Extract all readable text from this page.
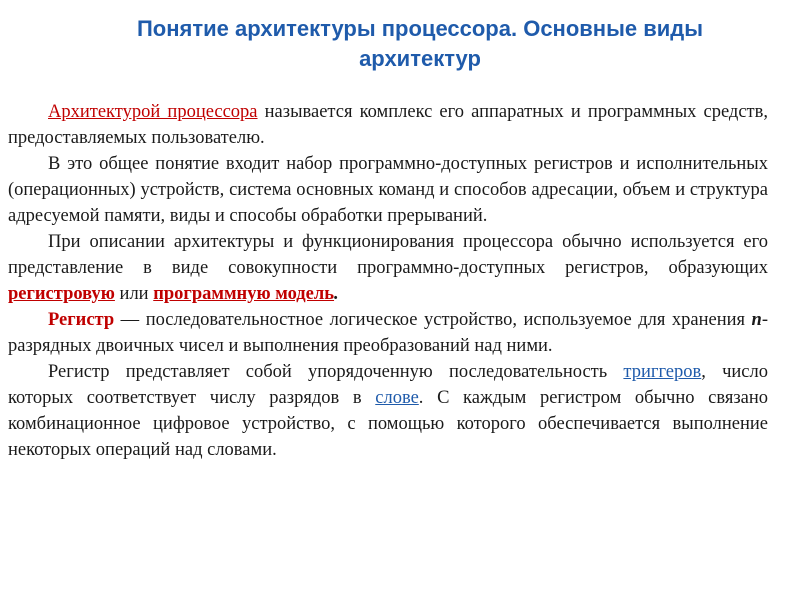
Понятие архитектуры процессора. Основные виды
архитектур

Архитектурой процессора называется комплекс его аппаратных и программных средств, предоставляемых пользователю.

В это общее понятие входит набор программно-доступных регистров и исполнительных (операционных) устройств, система основных команд и способов адресации, объем и структура адресуемой памяти, виды и способы обработки прерываний.

При описании архитектуры и функционирования процессора обычно используется его представление в виде совокупности программно-доступных регистров, образующих регистровую или программную модель.

Регистр — последовательностное логическое устройство, используемое для хранения n-разрядных двоичных чисел и выполнения преобразований над ними.

Регистр представляет собой упорядоченную последовательность триггеров, число которых соответствует числу разрядов в слове. С каждым регистром обычно связано комбинационное цифровое устройство, с помощью которого обеспечивается выполнение некоторых операций над словами.
